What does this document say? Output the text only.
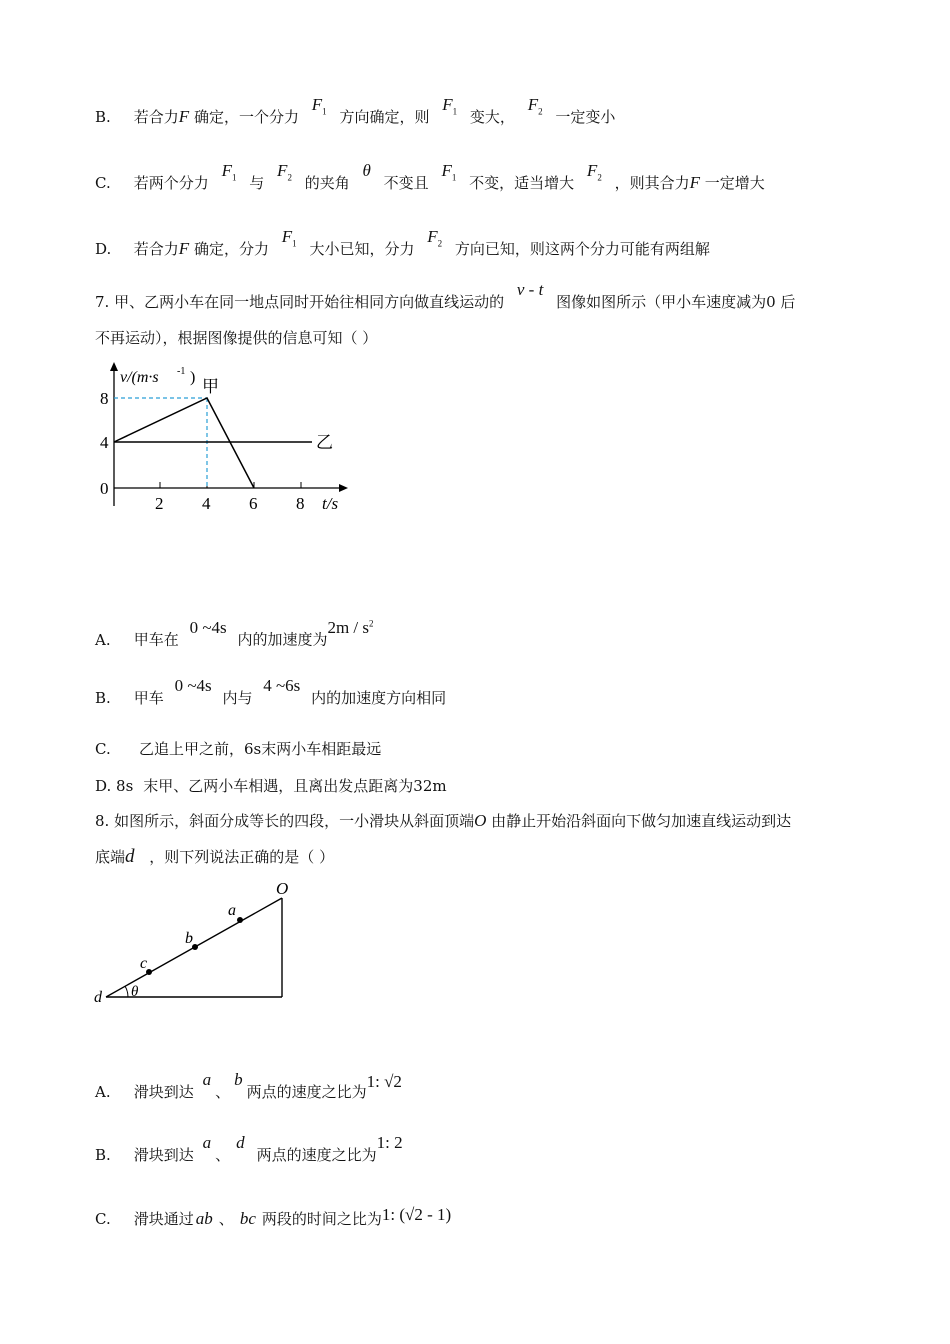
B. 若合力F 确定，一个分力 $F_1$ 方向确定，则 $F_1$ 变大， $F_2$ 一定变小
C. 若两个分力 $F_1$ 与 $F_2$ 的夹角 θ 不变且 $F_1$ 不变，适当增大 $F_2$ ，则其合力F 一定增大
D. 若合力F 确定，分力 $F_1$ 大小已知，分力 $F_2$ 方向已知，则这两个分力可能有两组解
7. 甲、乙两小车在同一地点同时开始往相同方向做直线运动的 v - t 图像如图所示（甲小车速度减为0 后
不再运动），根据图像提供的信息可知（ ）
8
4
0
2 4 6 8 t/s
v/(m·s -1 ) 甲
乙
A. 甲车在 0 ~4s 内的加速度为$2m / s^2$
B. 甲车 0 ~4s 内与 4 ~6s 内的加速度方向相同
C. 乙追上甲之前，6s末两小车相距最远
D. 8s 末甲、乙两小车相遇，且离出发点距离为32m
8. 如图所示，斜面分成等长的四段，一小滑块从斜面顶端O 由静止开始沿斜面向下做匀加速直线运动到达
底端d ，则下列说法正确的是（ ）
O
a
b
c
d θ
A. 滑块到达 a、b两点的速度之比为1: √2
B. 滑块到达 a、d两点的速度之比为1: 2
C. 滑块通过 ab 、 bc 两段的时间之比为1: (√2 - 1)
